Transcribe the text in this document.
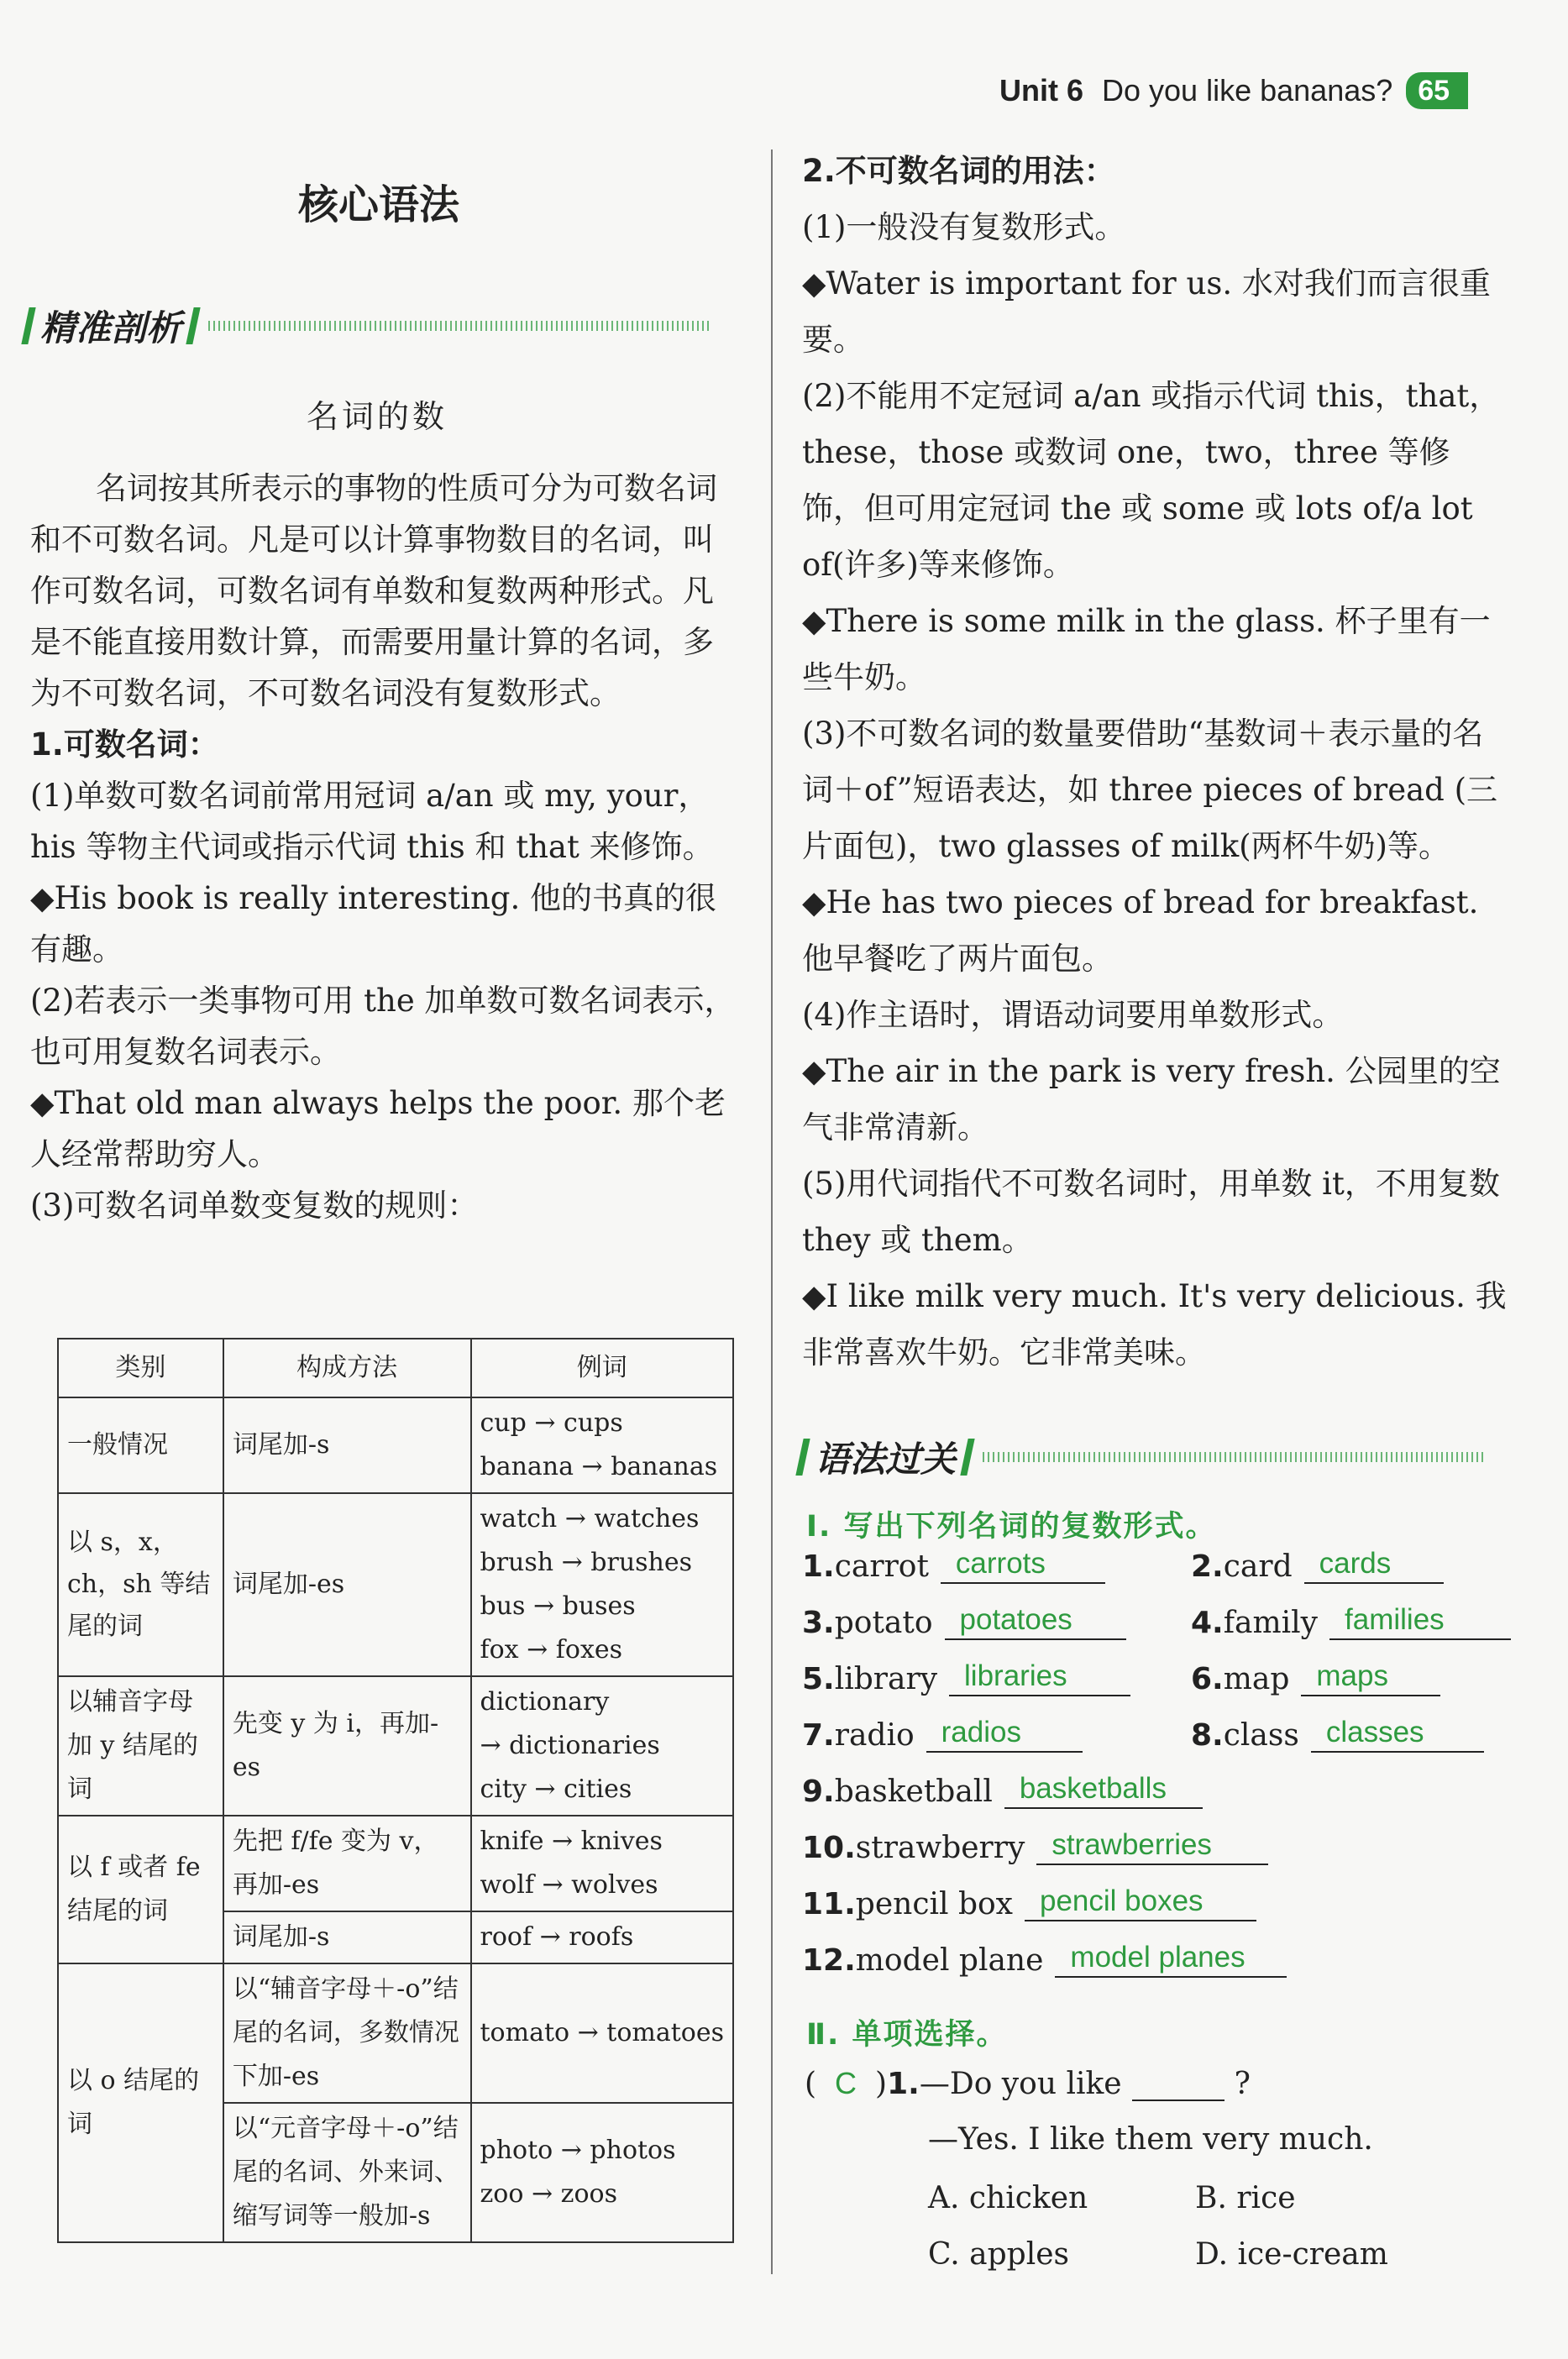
Unit 6 Do you like bananas? 65
核心语法
精准剖析
名词的数

名词按其所表示的事物的性质可分为可数名词和不可数名词。凡是可以计算事物数目的名词，叫作可数名词，可数名词有单数和复数两种形式。凡是不能直接用数计算，而需要用量计算的名词，多为不可数名词，不可数名词没有复数形式。

1.可数名词：

(1)单数可数名词前常用冠词 a/an 或 my, your，his 等物主代词或指示代词 this 和 that 来修饰。

◆His book is really interesting. 他的书真的很有趣。

(2)若表示一类事物可用 the 加单数可数名词表示，也可用复数名词表示。

◆That old man always helps the poor. 那个老人经常帮助穷人。

(3)可数名词单数变复数的规则：

类别	构成方法	例词
一般情况	词尾加-s	cup → cups
banana → bananas

以 s，x，ch，sh 等结尾的词	词尾加-es	watch → watches
brush → brushes
bus → buses
fox → foxes

以辅音字母加 y 结尾的词	先变 y 为 i，再加-es	dictionary
→ dictionaries
city → cities

以 f 或者 fe 结尾的词	先把 f/fe 变为 v，再加-es	knife → knives
wolf → wolves

	词尾加-s	roof → roofs

以 o 结尾的词	以“辅音字母＋-o”结尾的名词，多数情况下加-es	tomato → tomatoes

	以“元音字母＋-o”结尾的名词、外来词、缩写词等一般加-s	photo → photos
zoo → zoos

2.不可数名词的用法：

(1)一般没有复数形式。

◆Water is important for us. 水对我们而言很重要。

(2)不能用不定冠词 a/an 或指示代词 this，that，these，those 或数词 one，two，three 等修饰，但可用定冠词 the 或 some 或 lots of/a lot of(许多)等来修饰。

◆There is some milk in the glass. 杯子里有一些牛奶。

(3)不可数名词的数量要借助“基数词＋表示量的名词＋of”短语表达，如 three pieces of bread (三片面包)，two glasses of milk(两杯牛奶)等。

◆He has two pieces of bread for breakfast. 他早餐吃了两片面包。

(4)作主语时，谓语动词要用单数形式。

◆The air in the park is very fresh. 公园里的空气非常清新。

(5)用代词指代不可数名词时，用单数 it，不用复数 they 或 them。

◆I like milk very much. It's very delicious. 我非常喜欢牛奶。它非常美味。

语法过关
Ⅰ. 写出下列名词的复数形式。
1. carrot carrots	2. card cards
3. potato potatoes	4. family families
5. library libraries	6. map maps
7. radio radios	8. class classes
9. basketball basketballs
10. strawberry strawberries
11. pencil box pencil boxes
12. model plane model planes
Ⅱ. 单项选择。
( C ) 1. —Do you like	?
—Yes. I like them very much.
A. chicken	B. rice
C. apples	D. ice-cream
